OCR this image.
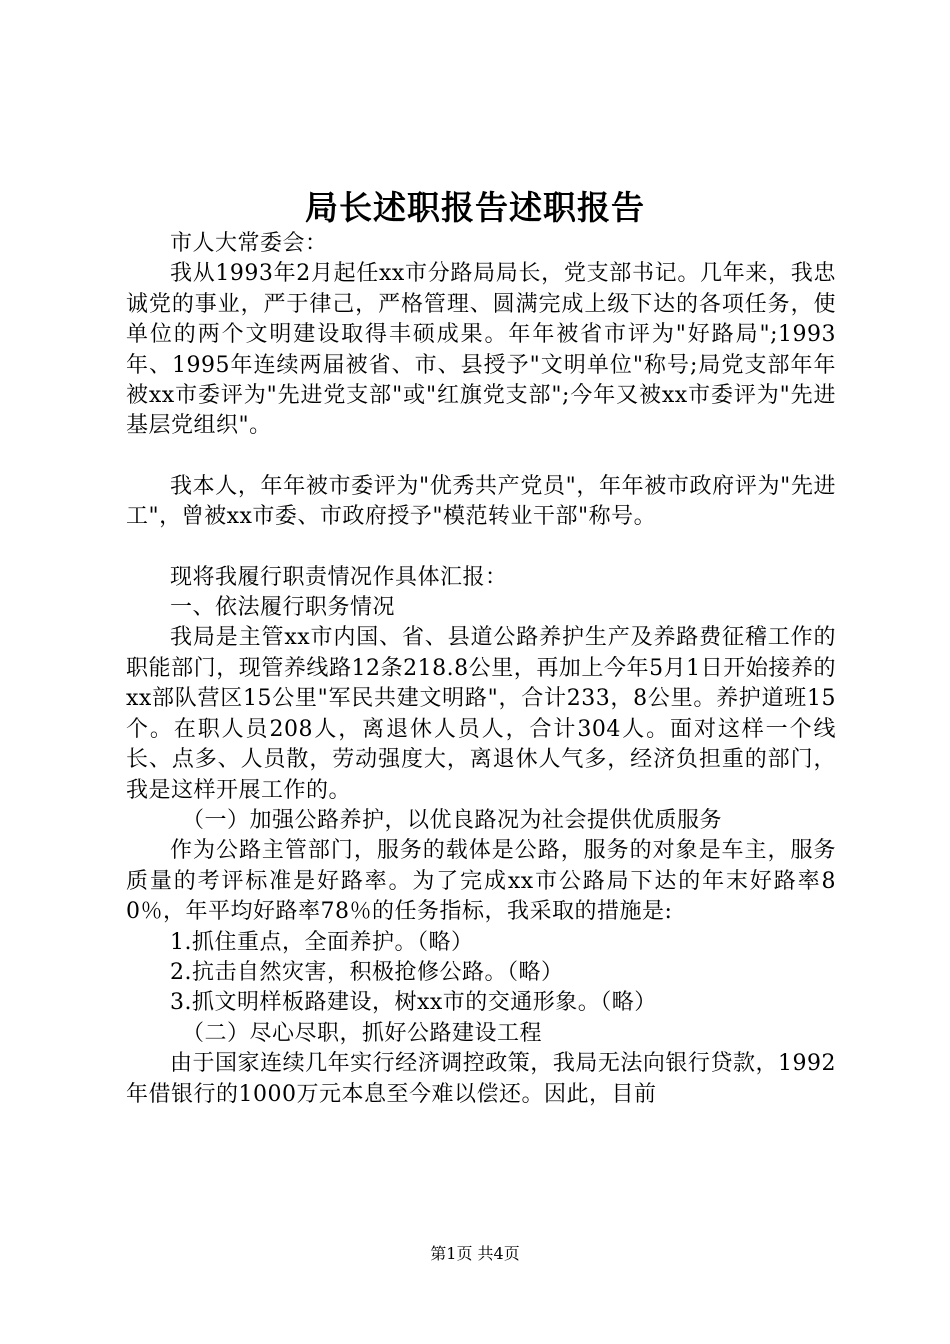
局长述职报告述职报告

市人大常委会：

我从1993年2月起任xx市分路局局长，党支部书记。几年来，我忠诚党的事业，严于律己，严格管理、圆满完成上级下达的各项任务，使单位的两个文明建设取得丰硕成果。年年被省市评为"好路局";1993年、1995年连续两届被省、市、县授予"文明单位"称号;局党支部年年被xx市委评为"先进党支部"或"红旗党支部";今年又被xx市委评为"先进基层党组织"。

我本人，年年被市委评为"优秀共产党员"，年年被市政府评为"先进工"，曾被xx市委、市政府授予"模范转业干部"称号。

现将我履行职责情况作具体汇报：

一、依法履行职务情况

我局是主管xx市内国、省、县道公路养护生产及养路费征稽工作的职能部门，现管养线路12条218.8公里，再加上今年5月1日开始接养的xx部队营区15公里"军民共建文明路"，合计233，8公里。养护道班15个。在职人员208人，离退休人员人，合计304人。面对这样一个线长、点多、人员散，劳动强度大，离退休人气多，经济负担重的部门，我是这样开展工作的。

（一）加强公路养护，以优良路况为社会提供优质服务

作为公路主管部门，服务的载体是公路，服务的对象是车主，服务质量的考评标准是好路率。为了完成xx市公路局下达的年末好路率80％，年平均好路率78％的任务指标，我采取的措施是:

1.抓住重点，全面养护。（略）

2.抗击自然灾害，积极抢修公路。（略）

3.抓文明样板路建设，树xx市的交通形象。（略）

（二）尽心尽职，抓好公路建设工程

由于国家连续几年实行经济调控政策，我局无法向银行贷款，1992年借银行的1000万元本息至今难以偿还。因此，目前

第1页 共4页
